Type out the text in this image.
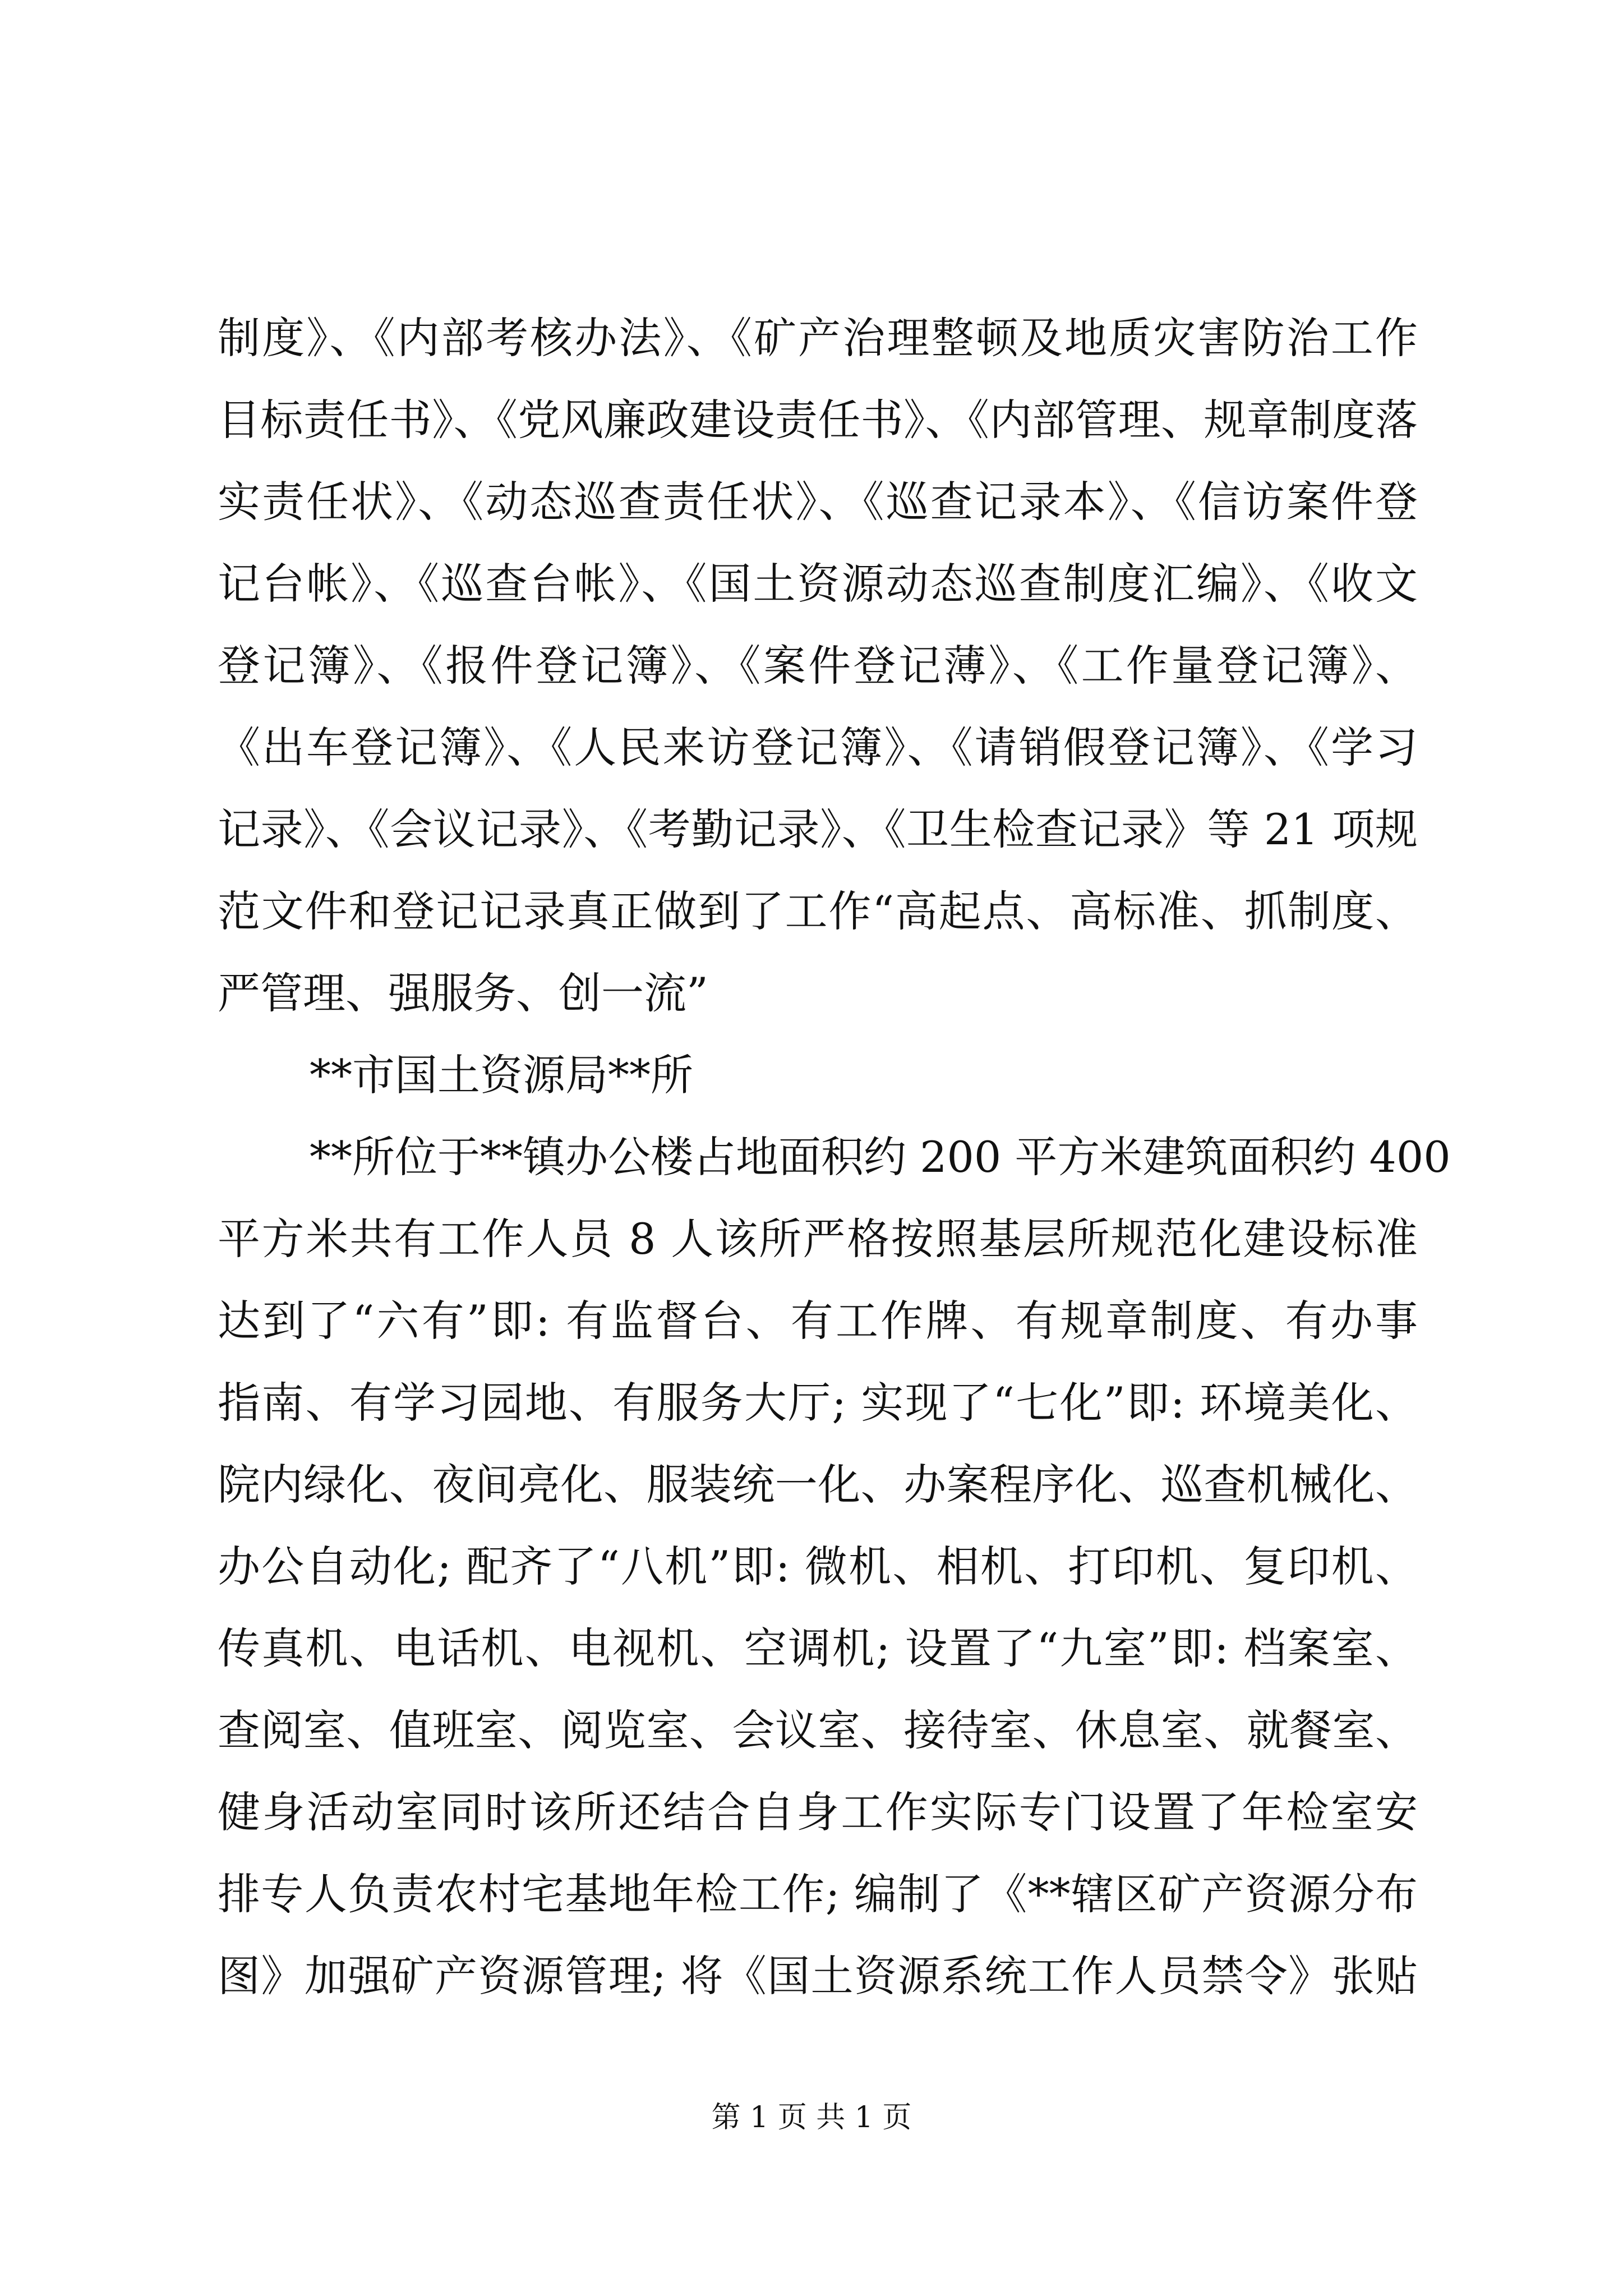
制度》、《内部考核办法》、《矿产治理整顿及地质灾害防治工作
目标责任书》、《党风廉政建设责任书》、《内部管理、规章制度落
实责任状》、《动态巡查责任状》、《巡查记录本》、《信访案件登
记台帐》、《巡查台帐》、《国土资源动态巡查制度汇编》、《收文
登记簿》、《报件登记簿》、《案件登记薄》、《工作量登记簿》、
《出车登记簿》、《人民来访登记簿》、《请销假登记簿》、《学习
记录》、《会议记录》、《考勤记录》、《卫生检查记录》等 21 项规
范文件和登记记录真正做到了工作“高起点、高标准、抓制度、
严管理、强服务、创一流”
**市国土资源局**所
**所位于**镇办公楼占地面积约 200 平方米建筑面积约 400
平方米共有工作人员 8 人该所严格按照基层所规范化建设标准
达到了“六有”即: 有监督台、有工作牌、有规章制度、有办事
指南、有学习园地、有服务大厅; 实现了“七化”即: 环境美化、
院内绿化、夜间亮化、服装统一化、办案程序化、巡查机械化、
办公自动化; 配齐了“八机”即: 微机、相机、打印机、复印机、
传真机、电话机、电视机、空调机; 设置了“九室”即: 档案室、
查阅室、值班室、阅览室、会议室、接待室、休息室、就餐室、
健身活动室同时该所还结合自身工作实际专门设置了年检室安
排专人负责农村宅基地年检工作; 编制了《**辖区矿产资源分布
图》加强矿产资源管理; 将《国土资源系统工作人员禁令》张贴
第 1 页 共 1 页
